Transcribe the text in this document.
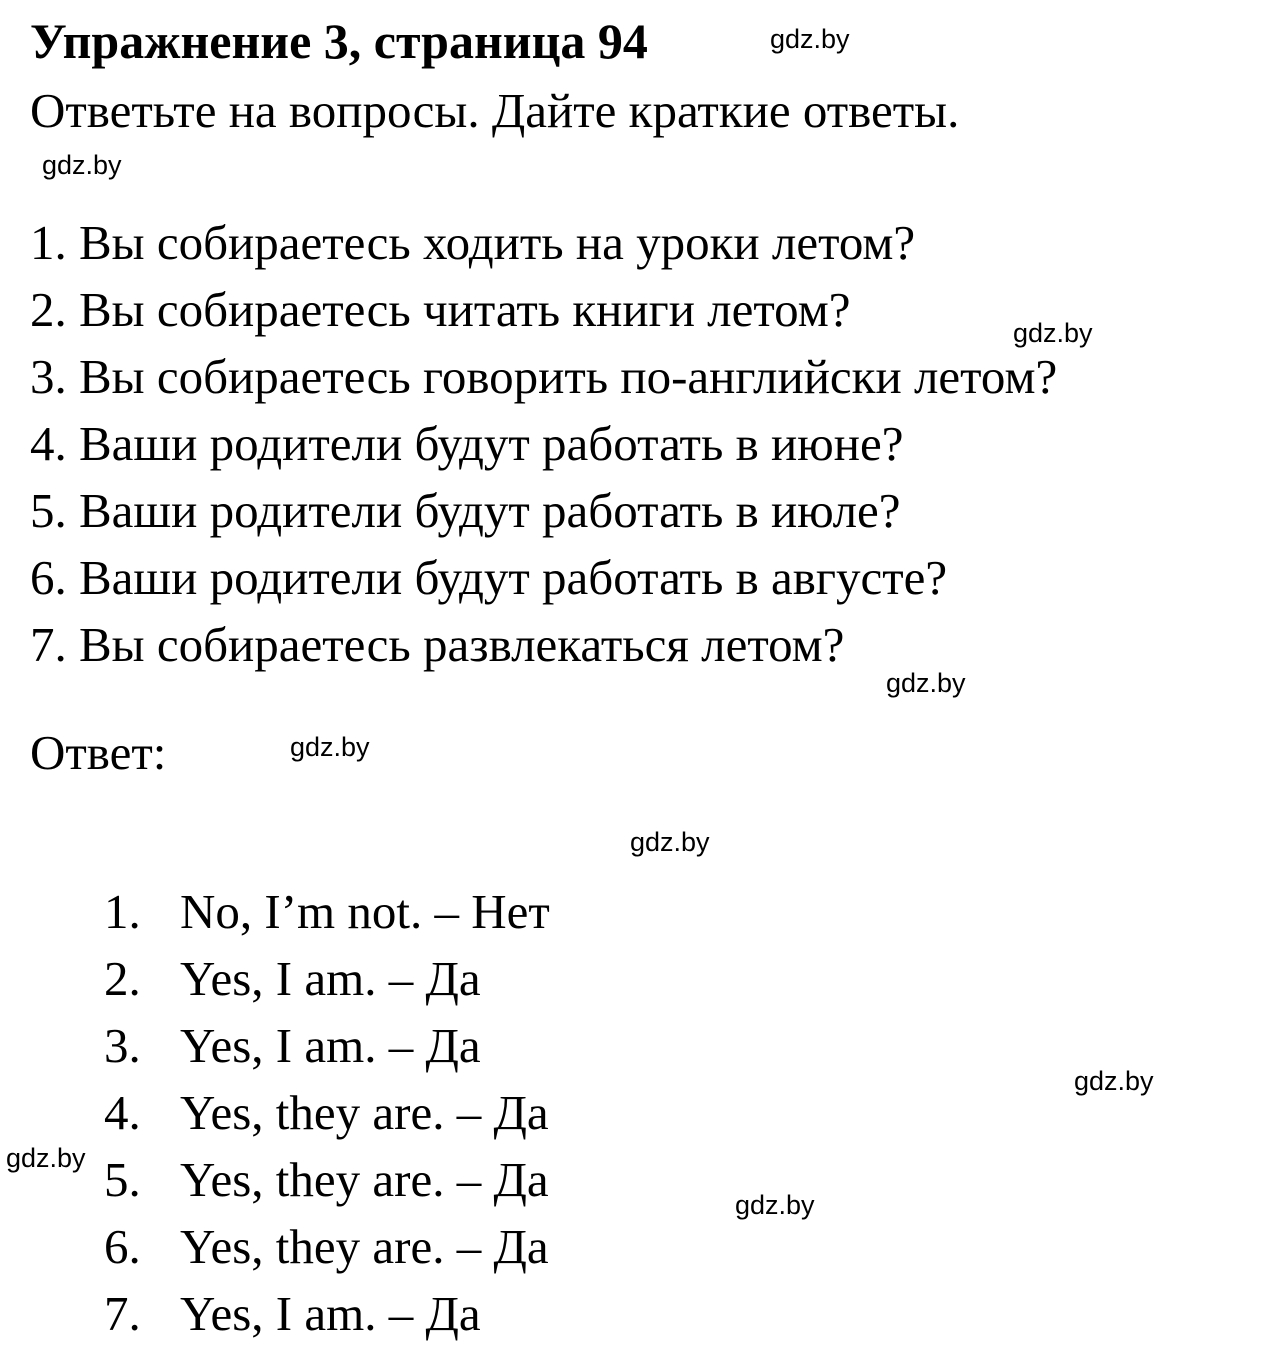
Упражнение 3, страница 94
Ответьте на вопросы. Дайте краткие ответы.
1. Вы собираетесь ходить на уроки летом?
2. Вы собираетесь читать книги летом?
3. Вы собираетесь говорить по-английски летом?
4. Ваши родители будут работать в июне?
5. Ваши родители будут работать в июле?
6. Ваши родители будут работать в августе?
7. Вы собираетесь развлекаться летом?
Ответ:
1. No, I’m not. – Нет
2. Yes, I am. – Да
3. Yes, I am. – Да
4. Yes, they are. – Да
5. Yes, they are. – Да
6. Yes, they are. – Да
7. Yes, I am. – Да
gdz.by
gdz.by
gdz.by
gdz.by
gdz.by
gdz.by
gdz.by
gdz.by
gdz.by
